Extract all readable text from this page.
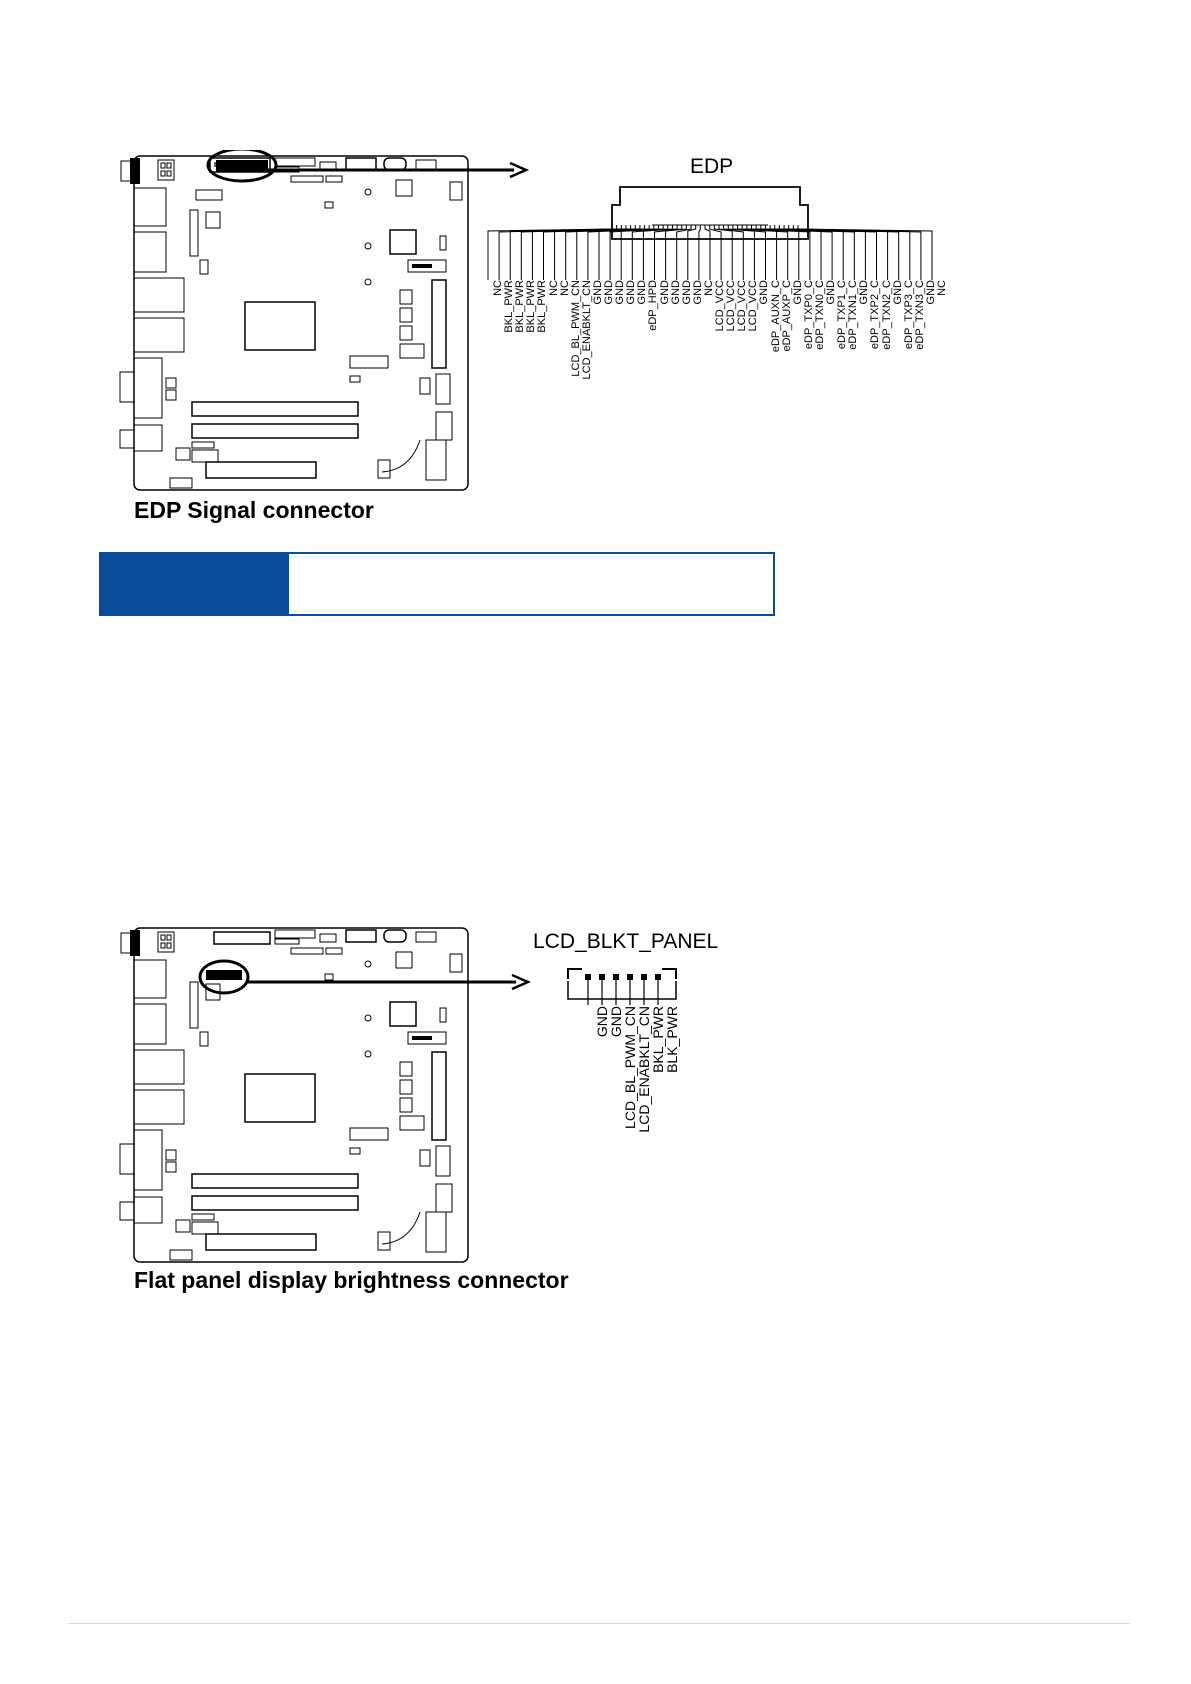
EDP
NC BKL_PWR BKL_PWR BKL_PWR BKL_PWR NC NC LCD_BL_PWM_CN LCD_ENABKLT_CN GND GND GND GND GND eDP_HPD GND GND GND GND NC LCD_VCC LCD_VCC LCD_VCC LCD_VCC GND eDP_AUXN_C eDP_AUXP_C GND eDP_TXP0_C eDP_TXN0_C GND eDP_TXP1_C eDP_TXN1_C GND eDP_TXP2_C eDP_TXN2_C GND eDP_TXP3_C eDP_TXN3_C GND NC
EDP Signal connector
LCD_BLKT_PANEL
GND
GND
LCD_BL_PWM_CN
LCD_ENABKLT_CN
BKL_PWR
BLK_PWR
Flat panel display brightness connector
